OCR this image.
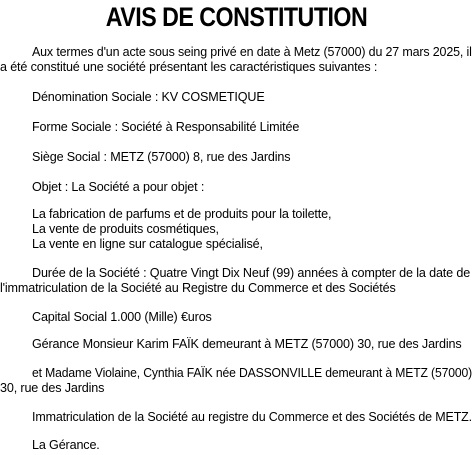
AVIS DE CONSTITUTION
Aux termes d'un acte sous seing privé en date à Metz (57000) du 27 mars 2025, il
a été constitué une société présentant les caractéristiques suivantes :
Dénomination Sociale : KV COSMETIQUE
Forme Sociale : Société à Responsabilité Limitée
Siège Social : METZ (57000) 8, rue des Jardins
Objet : La Société a pour objet :
La fabrication de parfums et de produits pour la toilette,
La vente de produits cosmétiques,
La vente en ligne sur catalogue spécialisé,
Durée de la Société : Quatre Vingt Dix Neuf (99) années à compter de la date de
l'immatriculation de la Société au Registre du Commerce et des Sociétés
Capital Social 1.000 (Mille) €uros
Gérance Monsieur Karim FAÏK demeurant à METZ (57000) 30, rue des Jardins
et Madame Violaine, Cynthia FAÏK née DASSONVILLE demeurant à METZ (57000)
30, rue des Jardins
Immatriculation de la Société au registre du Commerce et des Sociétés de METZ.
La Gérance.
